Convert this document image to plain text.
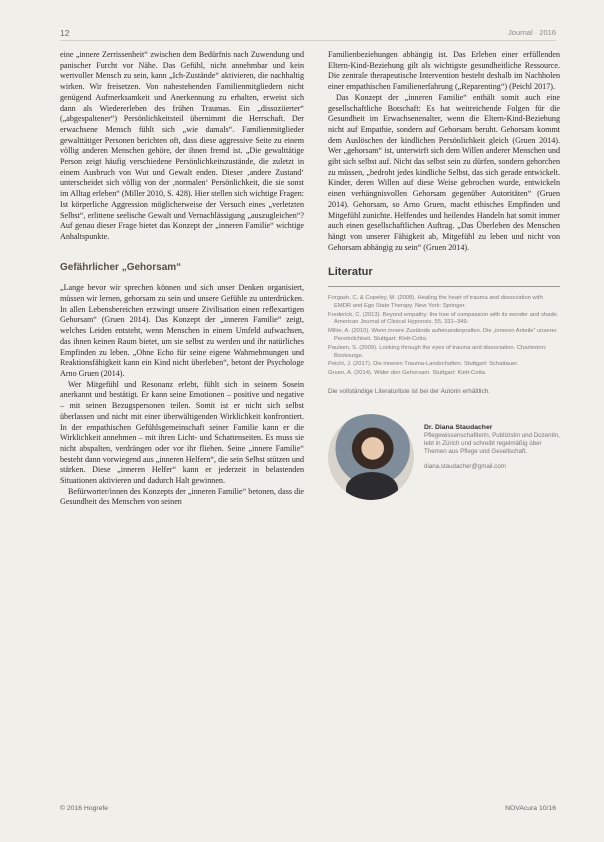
12	Journal · 2016

eine „innere Zerrissenheit“ zwischen dem Bedürfnis nach Zuwendung und panischer Furcht vor Nähe. Das Gefühl, nicht annehmbar und kein wertvoller Mensch zu sein, kann „Ich-Zustände“ aktivieren, die nachhaltig wirken. Wir freisetzen. Von nahestehenden Familienmitgliedern nicht genügend Aufmerksamkeit und Anerkennung zu erhalten, erweist sich dann als Wiedererleben des frühen Traumas. Ein „dissoziierter“ („abgespaltener“) Persönlichkeitsteil übernimmt die Herrschaft. Der erwachsene Mensch fühlt sich „wie damals“. Familienmitglieder gewalttätiger Personen berichten oft, dass diese aggressive Seite zu einem völlig anderen Menschen gehöre, der ihnen fremd ist. „Die gewalttätige Person zeigt häufig verschiedene Persönlichkeitszustände, die zuletzt in einem Ausbruch von Wut und Gewalt enden. Dieser ‚andere Zustand‘ unterscheidet sich völlig von der ‚normalen‘ Persönlichkeit, die sie sonst im Alltag erleben“ (Miller 2010, S. 428). Hier stellen sich wichtige Fragen: Ist körperliche Aggression möglicherweise der Versuch eines „verletzten Selbst“, erlittene seelische Gewalt und Vernachlässigung „auszugleichen“? Auf genau dieser Frage bietet das Konzept der „inneren Familie“ wichtige Anhaltspunkte.

Gefährlicher „Gehorsam“

„Lange bevor wir sprechen können und sich unser Denken organisiert, müssen wir lernen, gehorsam zu sein und unsere Gefühle zu unterdrücken. In allen Lebensbereichen erzwingt unsere Zivilisation einen reflexartigen Gehorsam“ (Gruen 2014). Das Konzept der „inneren Familie“ zeigt, welches Leiden entsteht, wenn Menschen in einem Umfeld aufwachsen, das ihnen keinen Raum bietet, um sie selbst zu werden und ihr natürliches Empfinden zu leben. „Ohne Echo für seine eigene Wahrnehmungen und Reaktionsfähigkeit kann ein Kind nicht überleben“, betont der Psychologe Arno Gruen (2014).

Wer Mitgefühl und Resonanz erlebt, fühlt sich in seinem Sosein anerkannt und bestätigt. Er kann seine Emotionen – positive und negative – mit seinen Bezugspersonen teilen. Somit ist er nicht sich selbst überlassen und nicht mit einer überwältigenden Wirklichkeit konfrontiert. In der empathischen Gefühlsgemeinschaft seiner Familie kann er die Wirklichkeit annehmen – mit ihren Licht- und Schattenseiten. Es muss sie nicht abspalten, verdrängen oder vor ihr fliehen. Seine „innere Familie“ besteht dann vorwiegend aus „inneren Helfern“, die sein Selbst stützen und stärken. Diese „inneren Helfer“ kann er jederzeit in belastenden Situationen aktivieren und dadurch Halt gewinnen.

Befürworter/innen des Konzepts der „inneren Familie“ betonen, dass die Gesundheit des Menschen von seinen

Familienbeziehungen abhängig ist. Das Erleben einer erfüllenden Eltern-Kind-Beziehung gilt als wichtigste gesundheitliche Ressource. Die zentrale therapeutische Intervention besteht deshalb im Nachholen einer empathischen Familienerfahrung („Reparenting“) (Peichl 2017).

Das Konzept der „inneren Familie“ enthält somit auch eine gesellschaftliche Botschaft: Es hat weitreichende Folgen für die Gesundheit im Erwachsenenalter, wenn die Eltern-Kind-Beziehung nicht auf Empathie, sondern auf Gehorsam beruht. Gehorsam kommt dem Auslöschen der kindlichen Persönlichkeit gleich (Gruen 2014). Wer „gehorsam“ ist, unterwirft sich dem Willen anderer Menschen und gibt sich selbst auf. Nicht das selbst sein zu dürfen, sondern gehorchen zu müssen, „bedroht jedes kindliche Selbst, das sich gerade entwickelt. Kinder, deren Willen auf diese Weise gebrochen wurde, entwickeln einen verhängnisvollen Gehorsam gegenüber Autoritäten“ (Gruen 2014). Gehorsam, so Arno Gruen, macht ethisches Empfinden und Mitgefühl zunichte. Helfendes und heilendes Handeln hat somit immer auch einen gesellschaftlichen Auftrag. „Das Überleben des Menschen hängt von unserer Fähigkeit ab, Mitgefühl zu leben und nicht von Gehorsam abhängig zu sein“ (Gruen 2014).

Literatur
Forgash, C. & Copeley, M. (2008). Healing the heart of trauma and dissociation with EMDR and Ego State Therapy. New York: Springer.
Frederick, C. (2013). Beyond empathy: the tree of compassion with its wonder and shade. American Journal of Clinical Hypnosis, 55, 331–349.
Miller, A. (2010). Wenn innere Zustände aufeinanderprallen. Die „inneren Anteile“ unserer Persönlichkeit. Stuttgart: Klett-Cotta.
Paulsen, S. (2009). Looking through the eyes of trauma and dissociation. Charleston: Booksurge.
Peichl, J. (2017). Die inneren Trauma-Landschaften. Stuttgart: Schattauer.
Gruen, A. (2014). Wider den Gehorsam. Stuttgart: Klett-Cotta.
Die vollständige Literaturliste ist bei der Autorin erhältlich.
Dr. Diana Staudacher
Pflegewissenschaftlerin, Publizistin und Dozentin, lebt in Zürich und schreibt regelmäßig über Themen aus Pflege und Gesellschaft.
diana.staudacher@gmail.com
© 2016 Hogrefe	NOVAcura 10/16
